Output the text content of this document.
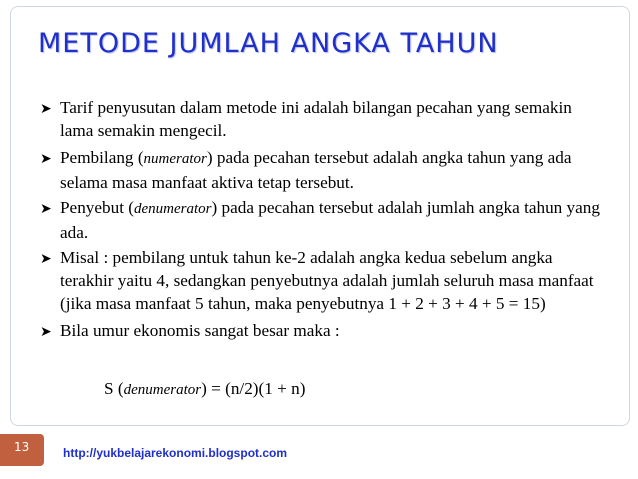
METODE JUMLAH ANGKA TAHUN
➤ Tarif penyusutan dalam metode ini adalah bilangan pecahan yang semakin lama semakin mengecil.
➤ Pembilang (numerator) pada pecahan tersebut adalah angka tahun yang ada selama masa manfaat aktiva tetap tersebut.
➤ Penyebut (denumerator) pada pecahan tersebut adalah jumlah angka tahun yang ada.
➤ Misal : pembilang untuk tahun ke-2 adalah angka kedua sebelum angka terakhir yaitu 4, sedangkan penyebutnya adalah jumlah seluruh masa manfaat (jika masa manfaat 5 tahun, maka penyebutnya 1 + 2 + 3 + 4 + 5 = 15)
➤ Bila umur ekonomis sangat besar maka :
S (denumerator) = (n/2)(1 + n)
13	http://yukbelajarekonomi.blogspot.com
